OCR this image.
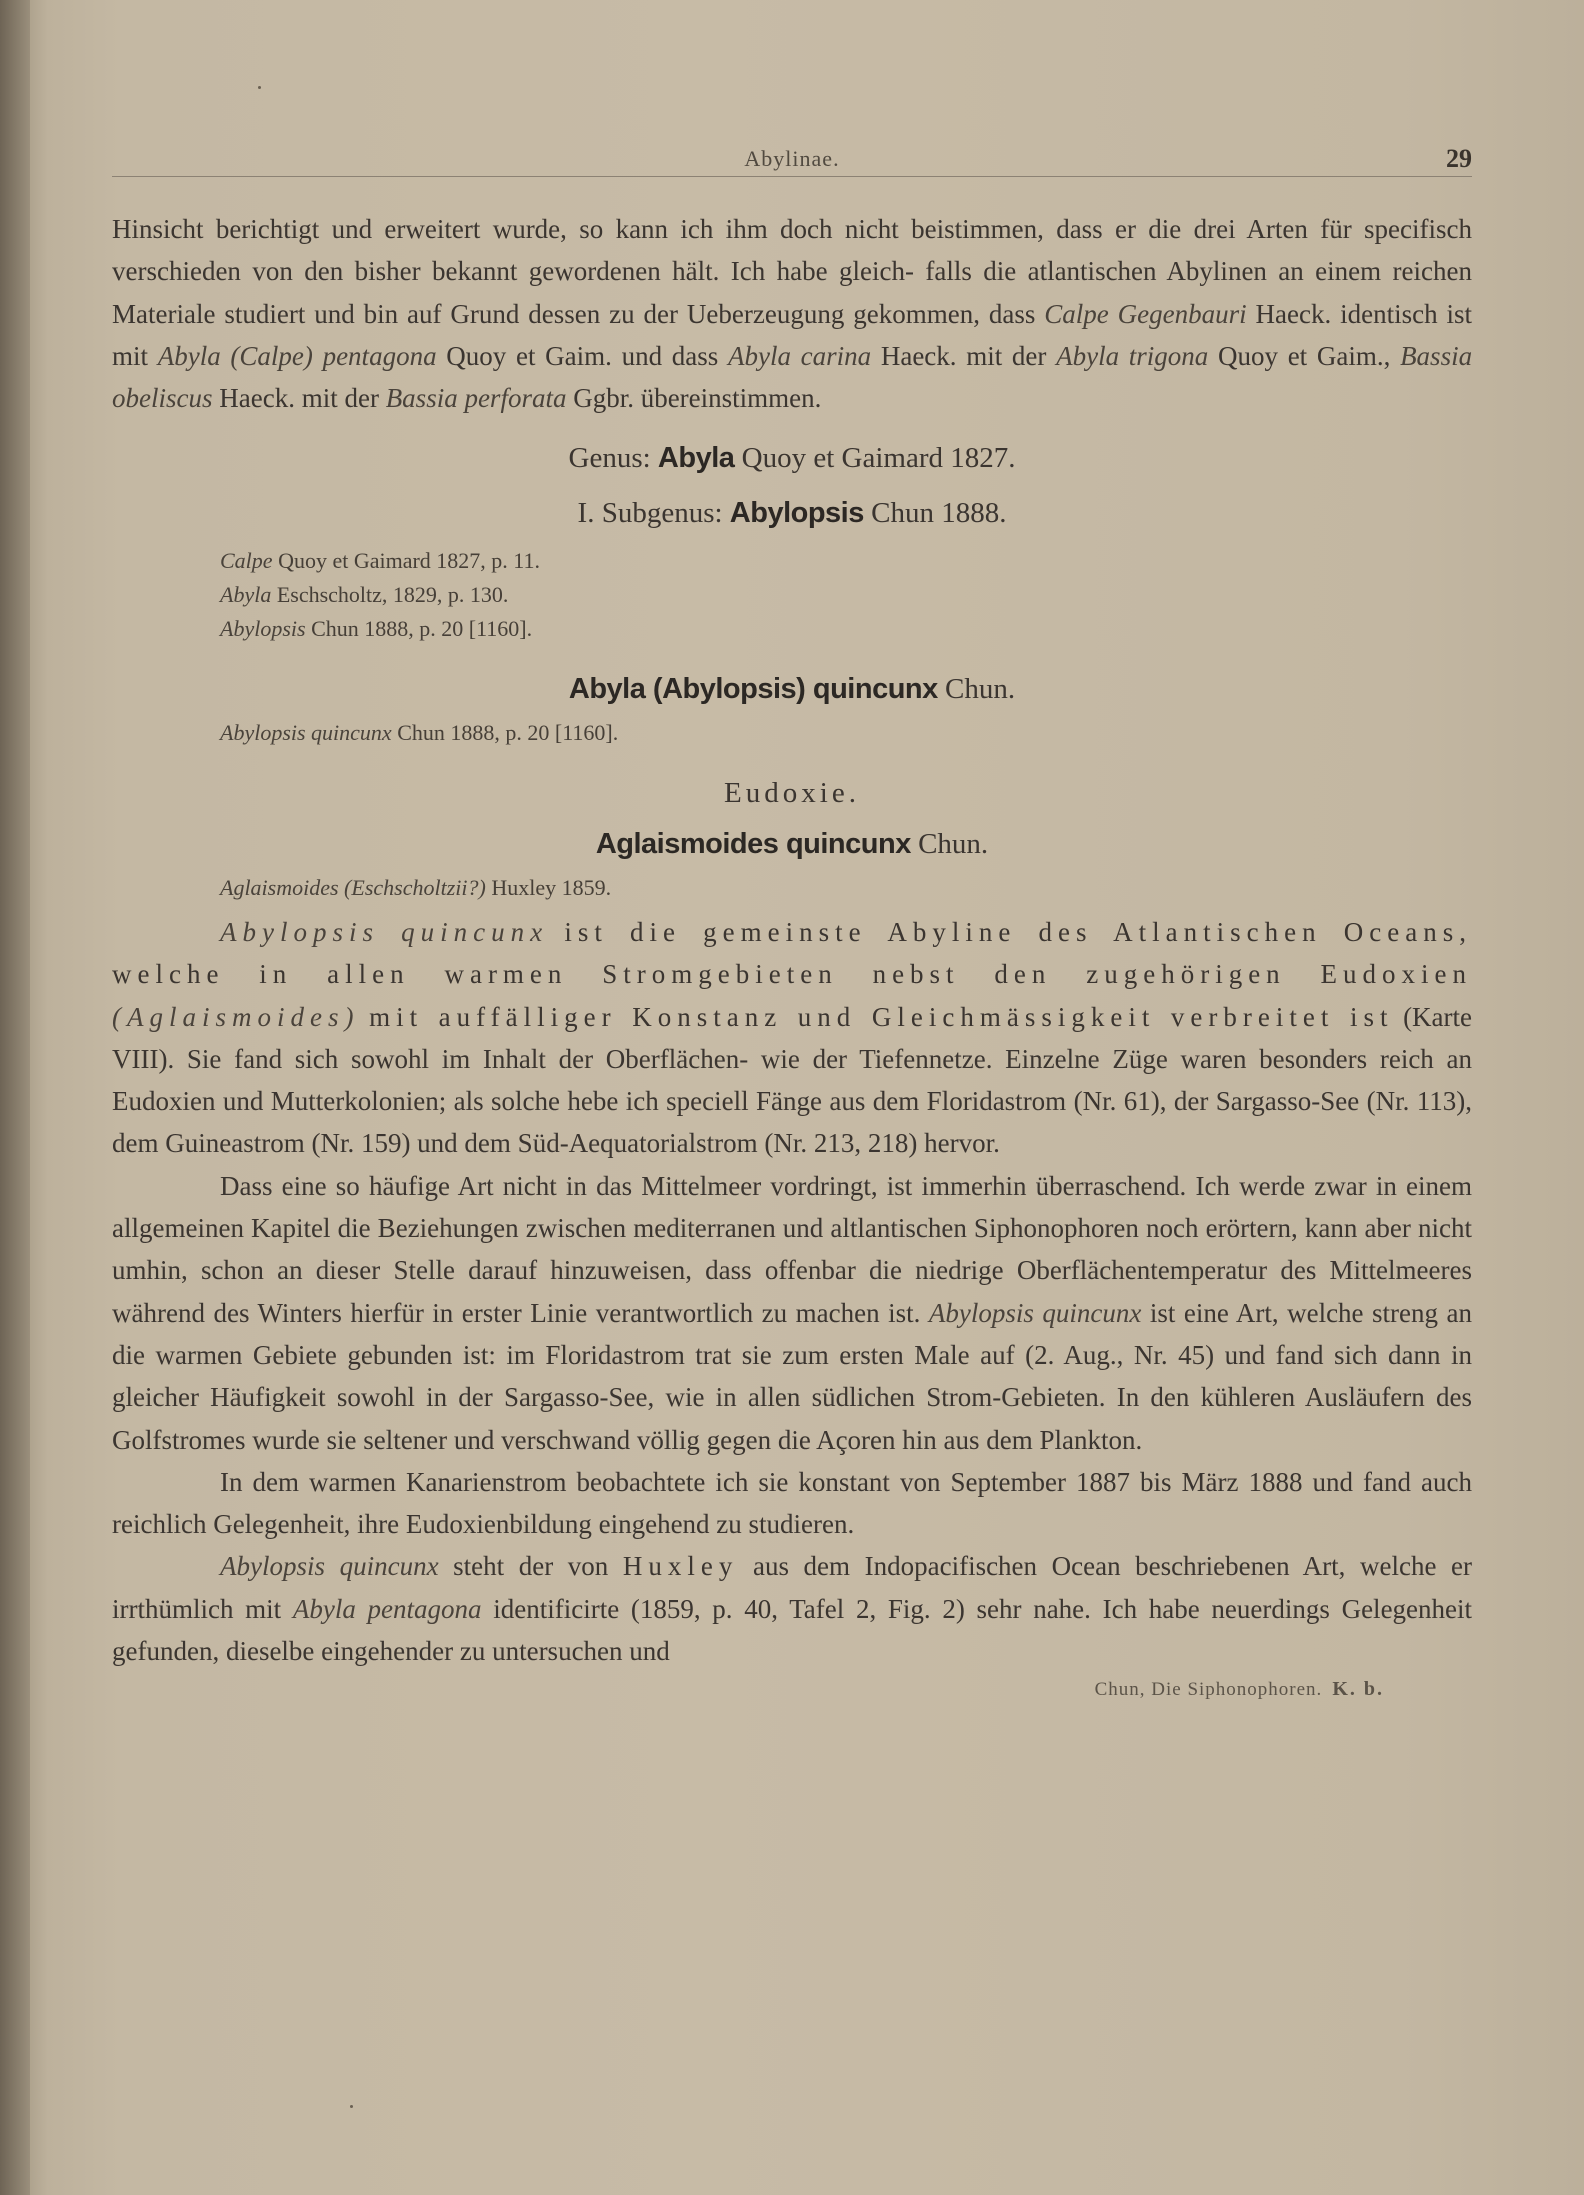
Abylinae.	29

Hinsicht berichtigt und erweitert wurde, so kann ich ihm doch nicht beistimmen, dass er die drei Arten für specifisch verschieden von den bisher bekannt gewordenen hält. Ich habe gleich- falls die atlantischen Abylinen an einem reichen Materiale studiert und bin auf Grund dessen zu der Ueberzeugung gekommen, dass Calpe Gegenbauri Haeck. identisch ist mit Abyla (Calpe) pentagona Quoy et Gaim. und dass Abyla carina Haeck. mit der Abyla trigona Quoy et Gaim., Bassia obeliscus Haeck. mit der Bassia perforata Ggbr. übereinstimmen.

Genus: Abyla Quoy et Gaimard 1827.
I. Subgenus: Abylopsis Chun 1888.
Calpe Quoy et Gaimard 1827, p. 11.
Abyla Eschscholtz, 1829, p. 130.
Abylopsis Chun 1888, p. 20 [1160].
Abyla (Abylopsis) quincunx Chun.
Abylopsis quincunx Chun 1888, p. 20 [1160].
Eudoxie.
Aglaismoides quincunx Chun.
Aglaismoides (Eschscholtzii?) Huxley 1859.

Abylopsis quincunx ist die gemeinste Abyline des Atlantischen Oceans, welche in allen warmen Stromgebieten nebst den zugehörigen Eudoxien (Aglaismoides) mit auffälliger Konstanz und Gleichmässigkeit verbreitet ist (Karte VIII). Sie fand sich sowohl im Inhalt der Oberflächen- wie der Tiefennetze. Einzelne Züge waren besonders reich an Eudoxien und Mutterkolonien; als solche hebe ich speciell Fänge aus dem Floridastrom (Nr. 61), der Sargasso-See (Nr. 113), dem Guineastrom (Nr. 159) und dem Süd-Aequatorialstrom (Nr. 213, 218) hervor.

Dass eine so häufige Art nicht in das Mittelmeer vordringt, ist immerhin überraschend. Ich werde zwar in einem allgemeinen Kapitel die Beziehungen zwischen mediterranen und altlantischen Siphonophoren noch erörtern, kann aber nicht umhin, schon an dieser Stelle darauf hinzuweisen, dass offenbar die niedrige Oberflächentemperatur des Mittelmeeres während des Winters hierfür in erster Linie verantwortlich zu machen ist. Abylopsis quincunx ist eine Art, welche streng an die warmen Gebiete gebunden ist: im Floridastrom trat sie zum ersten Male auf (2. Aug., Nr. 45) und fand sich dann in gleicher Häufigkeit sowohl in der Sargasso-See, wie in allen südlichen Strom-Gebieten. In den kühleren Ausläufern des Golfstromes wurde sie seltener und verschwand völlig gegen die Açoren hin aus dem Plankton.

In dem warmen Kanarienstrom beobachtete ich sie konstant von September 1887 bis März 1888 und fand auch reichlich Gelegenheit, ihre Eudoxienbildung eingehend zu studieren.

Abylopsis quincunx steht der von Huxley aus dem Indopacifischen Ocean beschriebenen Art, welche er irrthümlich mit Abyla pentagona identificirte (1859, p. 40, Tafel 2, Fig. 2) sehr nahe. Ich habe neuerdings Gelegenheit gefunden, dieselbe eingehender zu untersuchen und

Chun, Die Siphonophoren. K. b.
